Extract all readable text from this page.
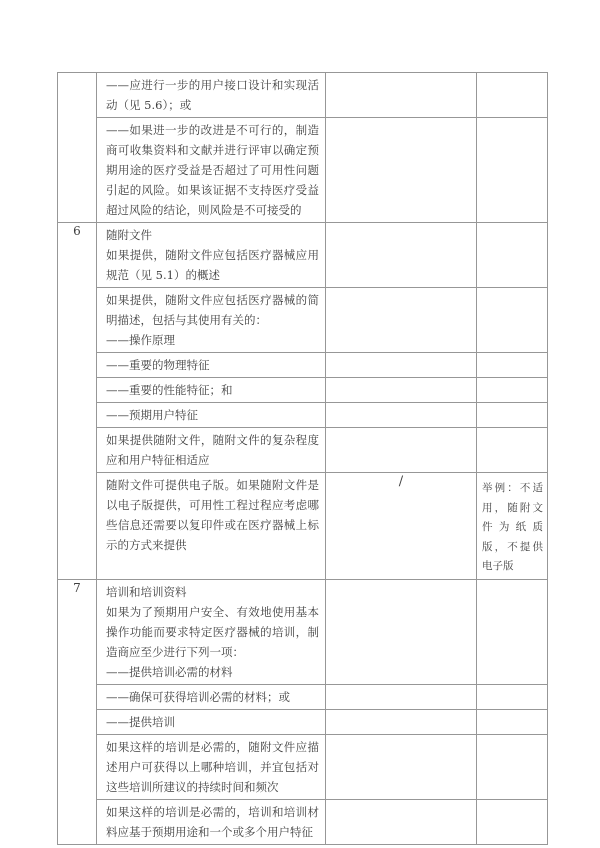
	——应进行一步的用户接口设计和实现活动（见 5.6）；或		

	——如果进一步的改进是不可行的，制造商可收集资料和文献并进行评审以确定预期用途的医疗受益是否超过了可用性问题引起的风险。如果该证据不支持医疗受益超过风险的结论，则风险是不可接受的		

6	随附文件

如果提供，随附文件应包括医疗器械应用规范（见 5.1）的概述		

	如果提供，随附文件应包括医疗器械的简明描述，包括与其使用有关的：

——操作原理		

	——重要的物理特征		

	——重要的性能特征；和		

	——预期用户特征		

	如果提供随附文件，随附文件的复杂程度应和用户特征相适应		

	随附文件可提供电子版。如果随附文件是以电子版提供，可用性工程过程应考虑哪些信息还需要以复印件或在医疗器械上标示的方式来提供	/	举例：不适用，随附文件为纸质版，不提供电子版
7	培训和培训资料

如果为了预期用户安全、有效地使用基本操作功能而要求特定医疗器械的培训，制造商应至少进行下列一项：

——提供培训必需的材料		

	——确保可获得培训必需的材料；或		

	——提供培训		

	如果这样的培训是必需的，随附文件应描述用户可获得以上哪种培训，并宜包括对这些培训所建议的持续时间和频次		

	如果这样的培训是必需的，培训和培训材料应基于预期用途和一个或多个用户特征		
